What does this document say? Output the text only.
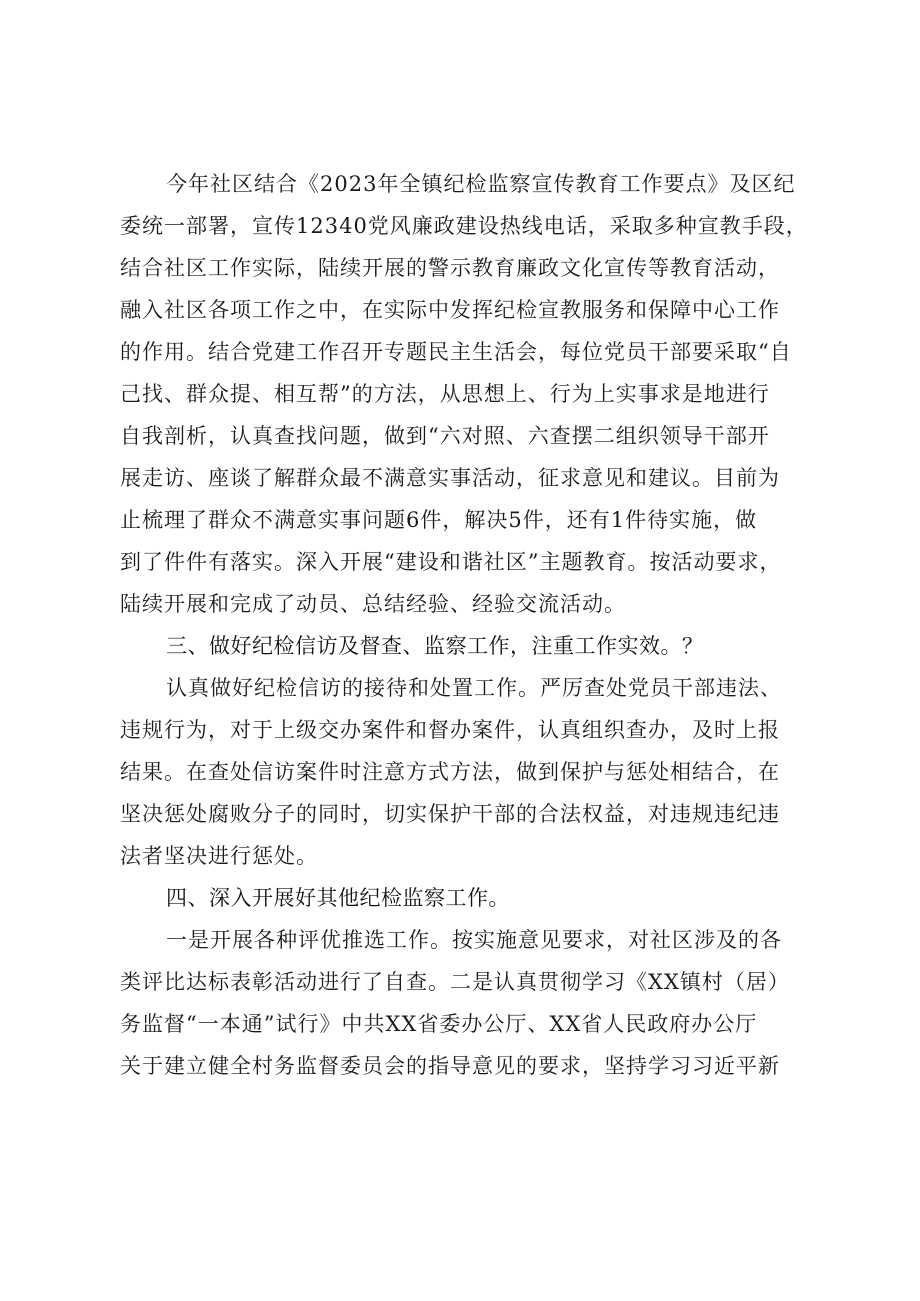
今年社区结合《2023年全镇纪检监察宣传教育工作要点》及区纪
委统一部署，宣传12340党风廉政建设热线电话，采取多种宣教手段，
结合社区工作实际，陆续开展的警示教育廉政文化宣传等教育活动，
融入社区各项工作之中，在实际中发挥纪检宣教服务和保障中心工作
的作用。结合党建工作召开专题民主生活会，每位党员干部要采取“自
己找、群众提、相互帮”的方法，从思想上、行为上实事求是地进行
自我剖析，认真查找问题，做到“六对照、六查摆二组织领导干部开
展走访、座谈了解群众最不满意实事活动，征求意见和建议。目前为
止梳理了群众不满意实事问题6件，解决5件，还有1件待实施，做
到了件件有落实。深入开展“建设和谐社区”主题教育。按活动要求，
陆续开展和完成了动员、总结经验、经验交流活动。
三、做好纪检信访及督查、监察工作，注重工作实效。？
认真做好纪检信访的接待和处置工作。严厉查处党员干部违法、
违规行为，对于上级交办案件和督办案件，认真组织查办，及时上报
结果。在查处信访案件时注意方式方法，做到保护与惩处相结合，在
坚决惩处腐败分子的同时，切实保护干部的合法权益，对违规违纪违
法者坚决进行惩处。
四、深入开展好其他纪检监察工作。
一是开展各种评优推选工作。按实施意见要求，对社区涉及的各
类评比达标表彰活动进行了自查。二是认真贯彻学习《XX镇村（居）
务监督“一本通”试行》中共XX省委办公厅、XX省人民政府办公厅
关于建立健全村务监督委员会的指导意见的要求，坚持学习习近平新
